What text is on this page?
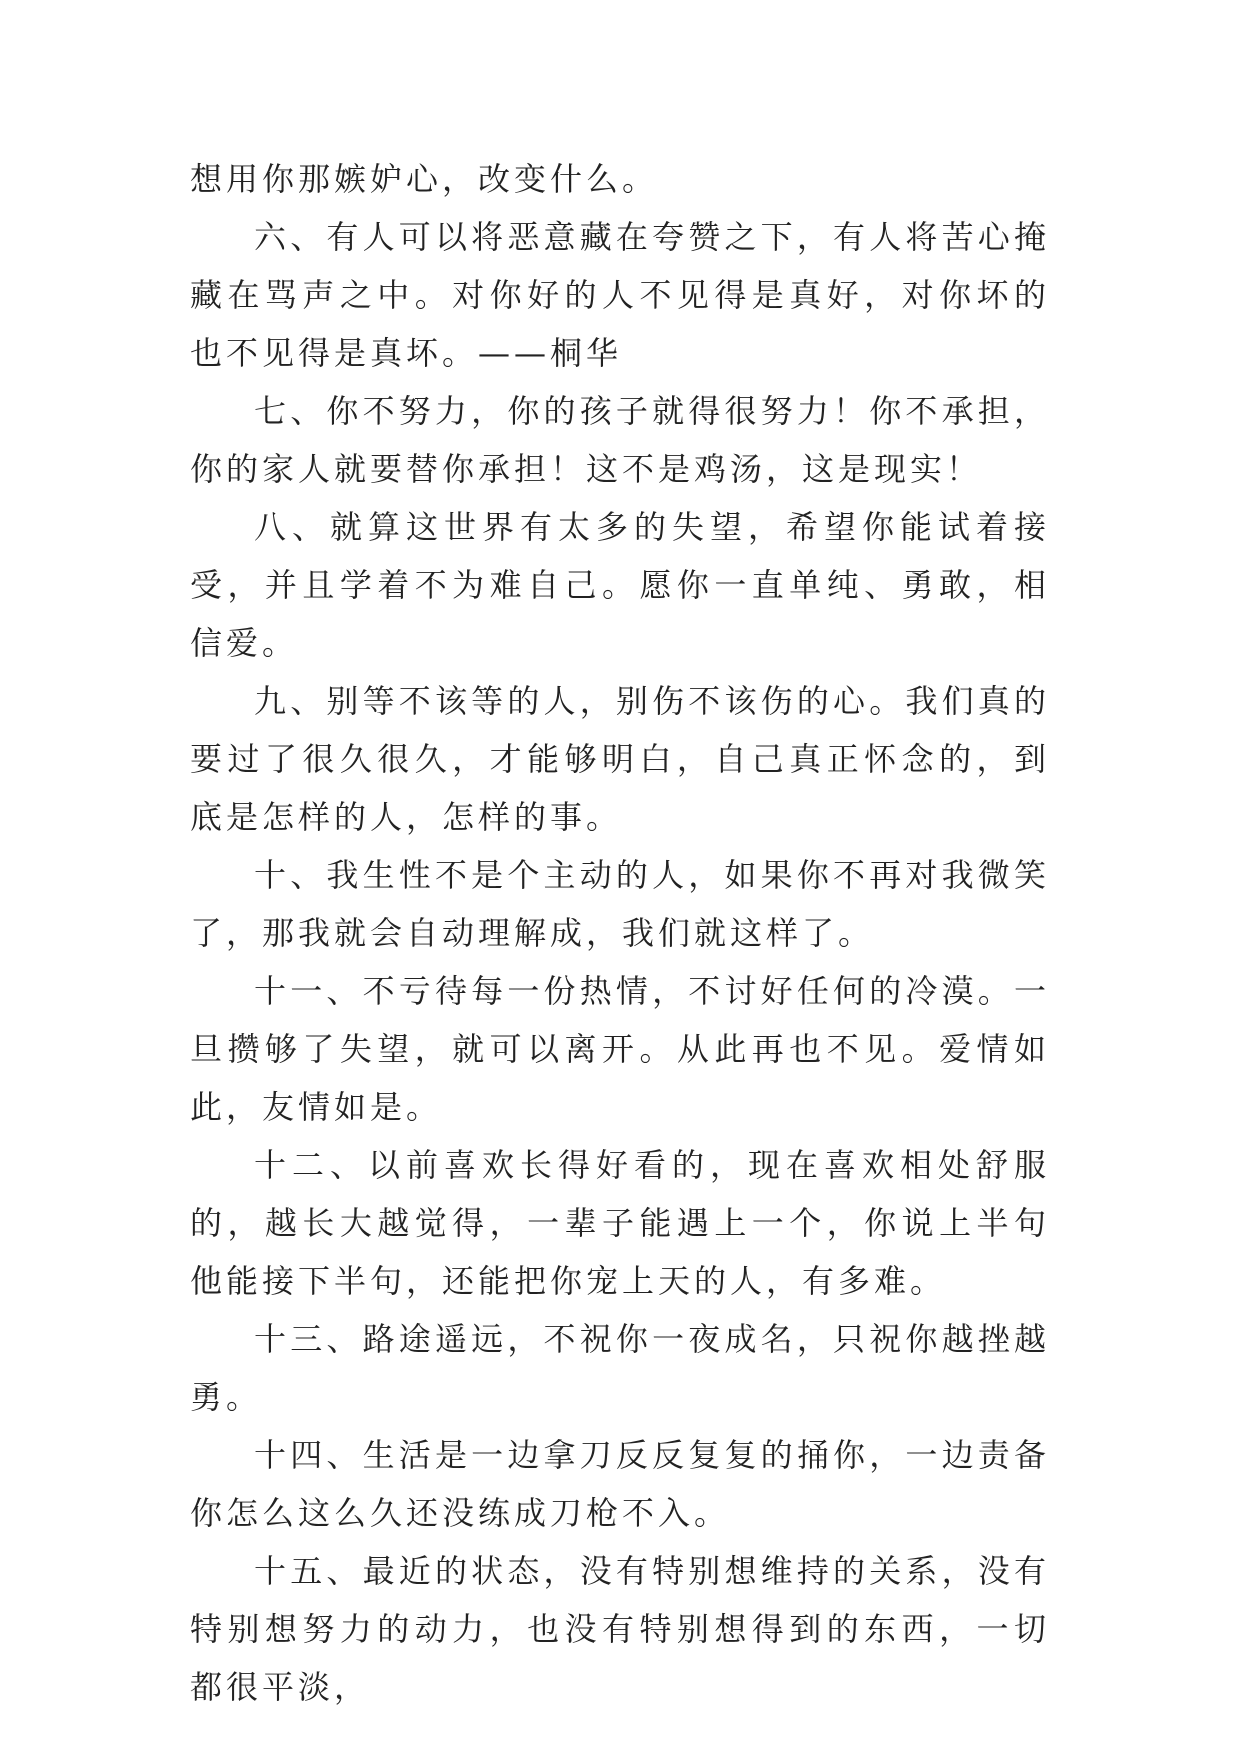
想用你那嫉妒心，改变什么。

六、有人可以将恶意藏在夸赞之下，有人将苦心掩藏在骂声之中。对你好的人不见得是真好，对你坏的也不见得是真坏。——桐华

七、你不努力，你的孩子就得很努力！你不承担，你的家人就要替你承担！这不是鸡汤，这是现实！

八、就算这世界有太多的失望，希望你能试着接受，并且学着不为难自己。愿你一直单纯、勇敢，相信爱。

九、别等不该等的人，别伤不该伤的心。我们真的要过了很久很久，才能够明白，自己真正怀念的，到底是怎样的人，怎样的事。

十、我生性不是个主动的人，如果你不再对我微笑了，那我就会自动理解成，我们就这样了。

十一、不亏待每一份热情，不讨好任何的冷漠。一旦攒够了失望，就可以离开。从此再也不见。爱情如此，友情如是。

十二、以前喜欢长得好看的，现在喜欢相处舒服的，越长大越觉得，一辈子能遇上一个，你说上半句他能接下半句，还能把你宠上天的人，有多难。

十三、路途遥远，不祝你一夜成名，只祝你越挫越勇。

十四、生活是一边拿刀反反复复的捅你，一边责备你怎么这么久还没练成刀枪不入。

十五、最近的状态，没有特别想维持的关系，没有特别想努力的动力，也没有特别想得到的东西，一切都很平淡，
